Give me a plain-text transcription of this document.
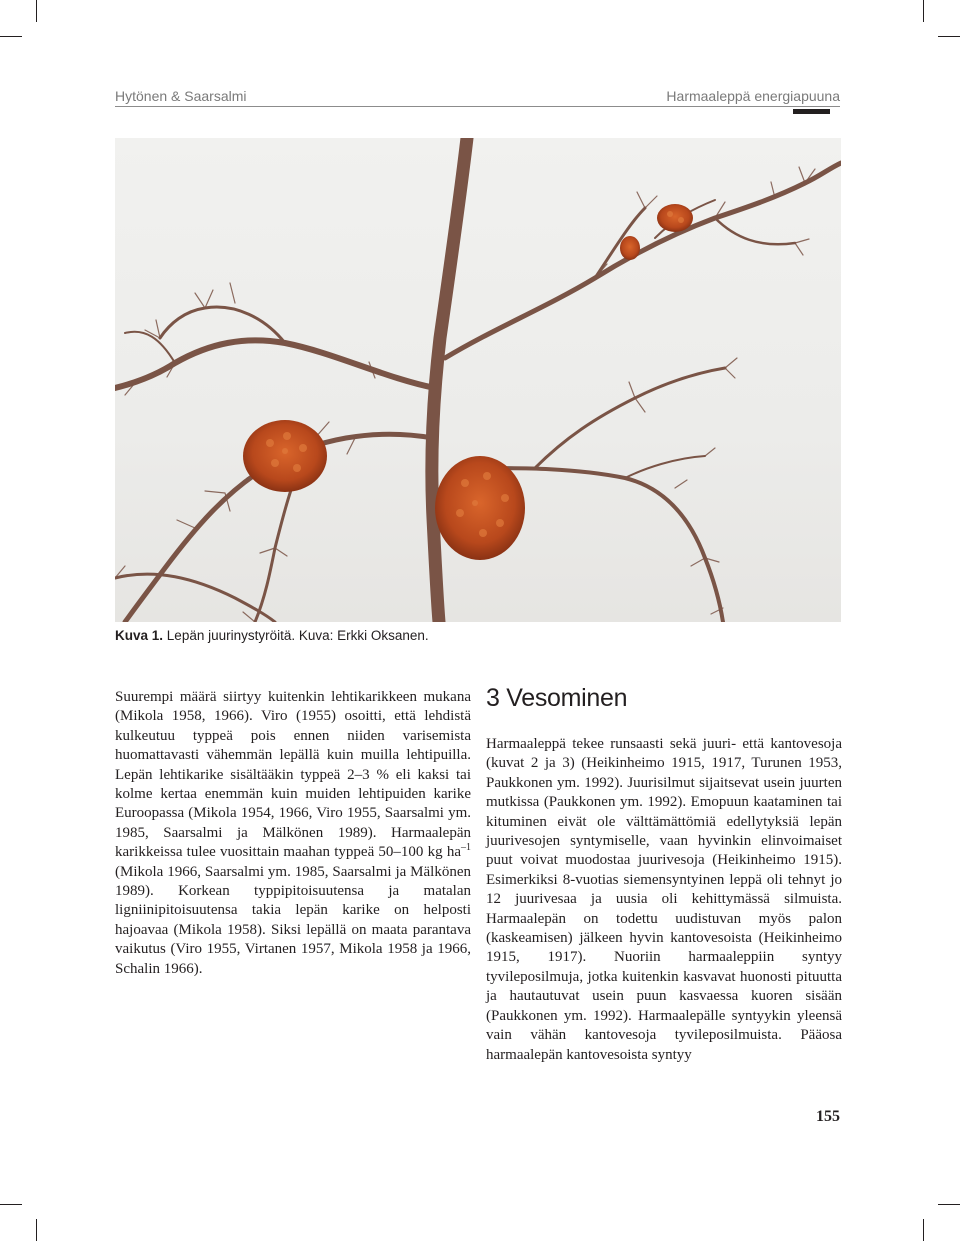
Hytönen & Saarsalmi	Harmaaleppä energiapuuna
Kuva 1. Lepän juurinystyröitä. Kuva: Erkki Oksanen.

Suurempi määrä siirtyy kuitenkin lehtikarikkeen mukana (Mikola 1958, 1966). Viro (1955) osoitti, että lehdistä kulkeutuu typpeä pois ennen niiden varisemista huomattavasti vähemmän lepällä kuin muilla lehtipuilla. Lepän lehtikarike sisältääkin typpeä 2–3 % eli kaksi tai kolme kertaa enemmän kuin muiden lehtipuiden karike Euroopassa (Mikola 1954, 1966, Viro 1955, Saarsalmi ym. 1985, Saarsalmi ja Mälkönen 1989). Harmaalepän karikkeissa tulee vuosittain maahan typpeä 50–100 kg $ha^{-1}$ (Mikola 1966, Saarsalmi ym. 1985, Saarsalmi ja Mälkönen 1989). Korkean typpipitoisuutensa ja matalan ligniinipitoisuutensa takia lepän karike on helposti hajoavaa (Mikola 1958). Siksi lepällä on maata parantava vaikutus (Viro 1955, Virtanen 1957, Mikola 1958 ja 1966, Schalin 1966).

3 Vesominen

Harmaaleppä tekee runsaasti sekä juuri- että kantovesoja (kuvat 2 ja 3) (Heikinheimo 1915, 1917, Turunen 1953, Paukkonen ym. 1992). Juurisilmut sijaitsevat usein juurten mutkissa (Paukkonen ym. 1992). Emopuun kaataminen tai kituminen eivät ole välttämättömiä edellytyksiä lepän juurivesojen syntymiselle, vaan hyvinkin elinvoimaiset puut voivat muodostaa juurivesoja (Heikinheimo 1915). Esimerkiksi 8-vuotias siemensyntyinen leppä oli tehnyt jo 12 juurivesaa ja uusia oli kehittymässä silmuista. Harmaalepän on todettu uudistuvan myös palon (kaskeamisen) jälkeen hyvin kantovesoista (Heikinheimo 1915, 1917). Nuoriin harmaaleppiin syntyy tyvileposilmuja, jotka kuitenkin kasvavat huonosti pituutta ja hautautuvat usein puun kasvaessa kuoren sisään (Paukkonen ym. 1992). Harmaalepälle syntyykin yleensä vain vähän kantovesoja tyvileposilmuista. Pääosa harmaalepän kantovesoista syntyy

155
